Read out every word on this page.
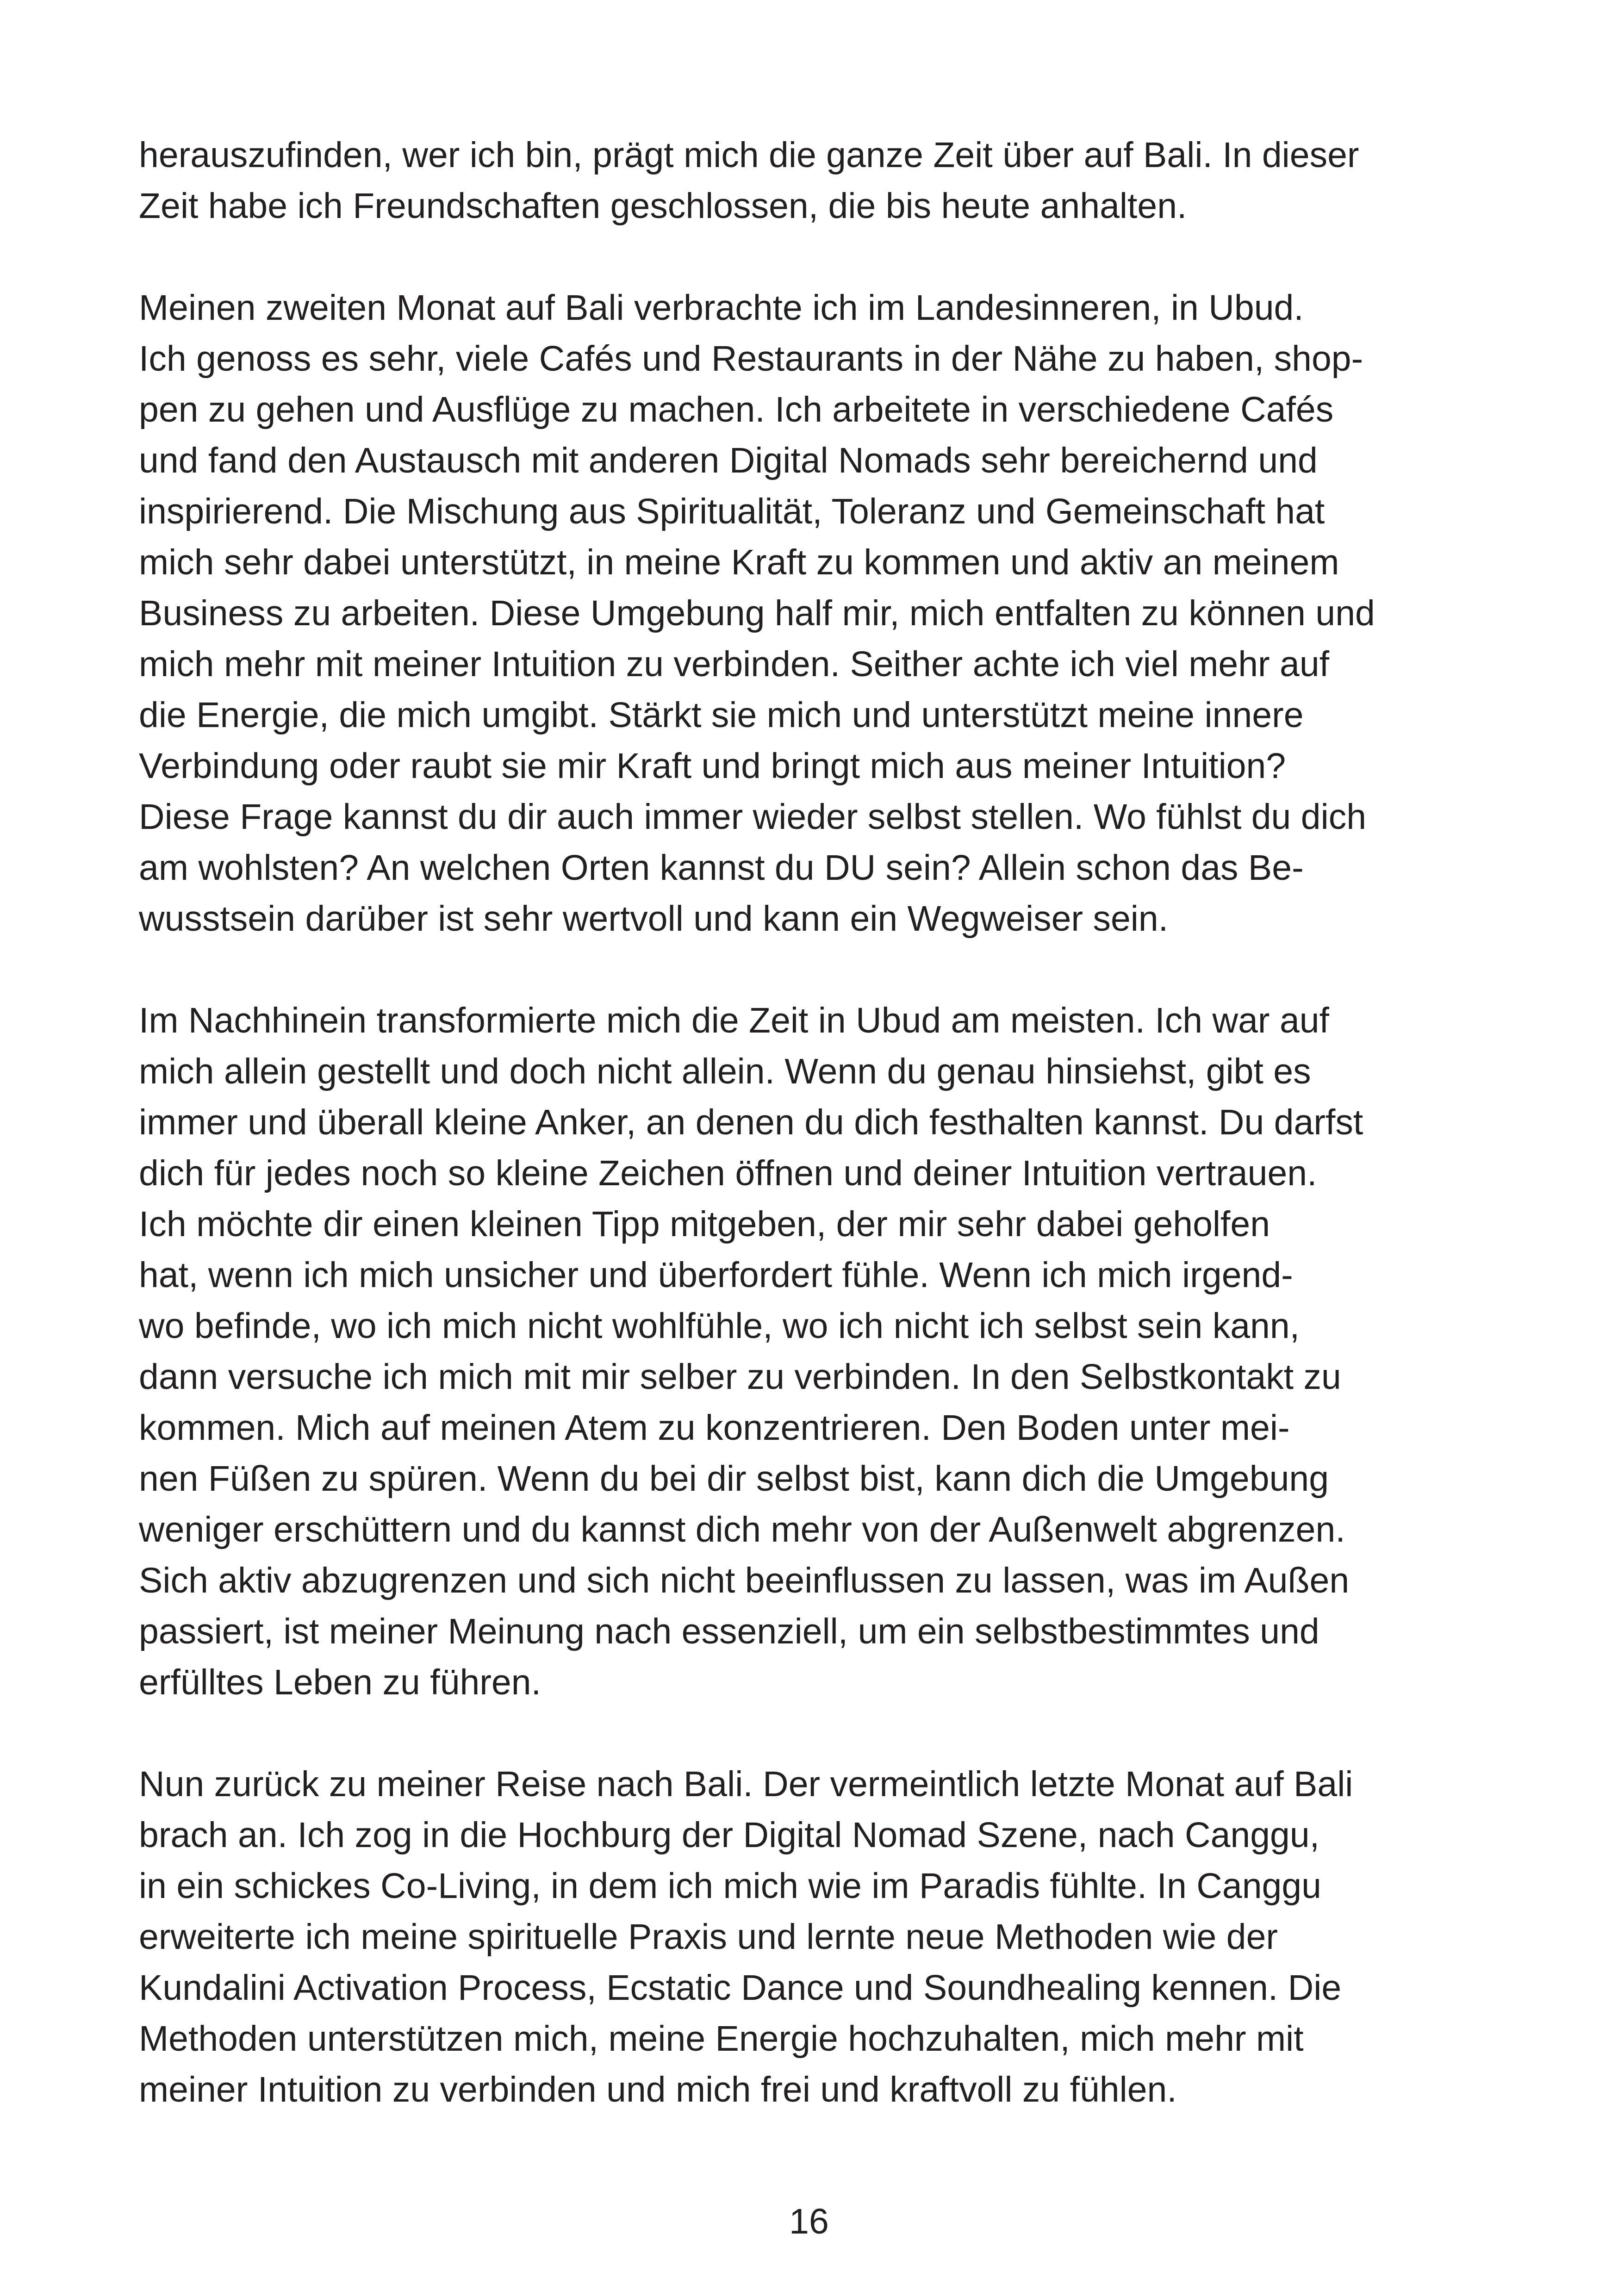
herauszufinden, wer ich bin, prägt mich die ganze Zeit über auf Bali. In dieser
Zeit habe ich Freundschaften geschlossen, die bis heute anhalten.

Meinen zweiten Monat auf Bali verbrachte ich im Landesinneren, in Ubud.
Ich genoss es sehr, viele Cafés und Restaurants in der Nähe zu haben, shop-
pen zu gehen und Ausflüge zu machen. Ich arbeitete in verschiedene Cafés
und fand den Austausch mit anderen Digital Nomads sehr bereichernd und
inspirierend. Die Mischung aus Spiritualität, Toleranz und Gemeinschaft hat
mich sehr dabei unterstützt, in meine Kraft zu kommen und aktiv an meinem
Business zu arbeiten. Diese Umgebung half mir, mich entfalten zu können und
mich mehr mit meiner Intuition zu verbinden. Seither achte ich viel mehr auf
die Energie, die mich umgibt. Stärkt sie mich und unterstützt meine innere
Verbindung oder raubt sie mir Kraft und bringt mich aus meiner Intuition?
Diese Frage kannst du dir auch immer wieder selbst stellen. Wo fühlst du dich
am wohlsten? An welchen Orten kannst du DU sein? Allein schon das Be-
wusstsein darüber ist sehr wertvoll und kann ein Wegweiser sein.

Im Nachhinein transformierte mich die Zeit in Ubud am meisten. Ich war auf
mich allein gestellt und doch nicht allein. Wenn du genau hinsiehst, gibt es
immer und überall kleine Anker, an denen du dich festhalten kannst. Du darfst
dich für jedes noch so kleine Zeichen öffnen und deiner Intuition vertrauen.
Ich möchte dir einen kleinen Tipp mitgeben, der mir sehr dabei geholfen
hat, wenn ich mich unsicher und überfordert fühle. Wenn ich mich irgend-
wo befinde, wo ich mich nicht wohlfühle, wo ich nicht ich selbst sein kann,
dann versuche ich mich mit mir selber zu verbinden. In den Selbstkontakt zu
kommen. Mich auf meinen Atem zu konzentrieren. Den Boden unter mei-
nen Füßen zu spüren. Wenn du bei dir selbst bist, kann dich die Umgebung
weniger erschüttern und du kannst dich mehr von der Außenwelt abgrenzen.
Sich aktiv abzugrenzen und sich nicht beeinflussen zu lassen, was im Außen
passiert, ist meiner Meinung nach essenziell, um ein selbstbestimmtes und
erfülltes Leben zu führen.

Nun zurück zu meiner Reise nach Bali. Der vermeintlich letzte Monat auf Bali
brach an. Ich zog in die Hochburg der Digital Nomad Szene, nach Canggu,
in ein schickes Co-Living, in dem ich mich wie im Paradis fühlte. In Canggu
erweiterte ich meine spirituelle Praxis und lernte neue Methoden wie der
Kundalini Activation Process, Ecstatic Dance und Soundhealing kennen. Die
Methoden unterstützen mich, meine Energie hochzuhalten, mich mehr mit
meiner Intuition zu verbinden und mich frei und kraftvoll zu fühlen.

16
